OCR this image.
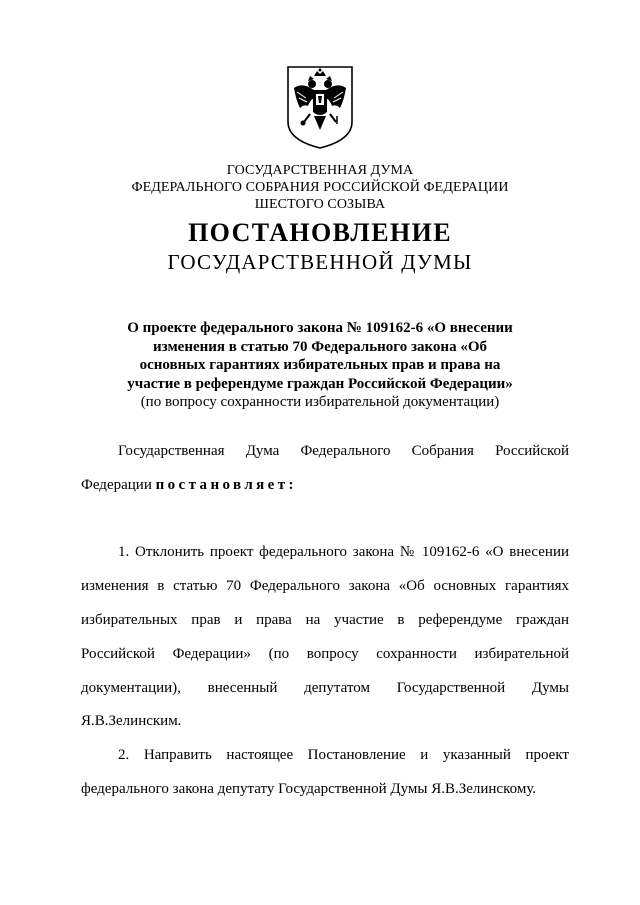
ГОСУДАРСТВЕННАЯ ДУМА
ФЕДЕРАЛЬНОГО СОБРАНИЯ РОССИЙСКОЙ ФЕДЕРАЦИИ
ШЕСТОГО СОЗЫВА
ПОСТАНОВЛЕНИЕ
ГОСУДАРСТВЕННОЙ ДУМЫ
О проекте федерального закона № 109162-6 «О внесении
изменения в статью 70 Федерального закона «Об
основных гарантиях избирательных прав и права на
участие в референдуме граждан Российской Федерации»
(по вопросу сохранности избирательной документации)
Государственная Дума Федерального Собрания Российской
Федерации постановляет:
1. Отклонить проект федерального закона № 109162-6 «О внесении
изменения в статью 70 Федерального закона «Об основных гарантиях
избирательных прав и права на участие в референдуме граждан
Российской Федерации» (по вопросу сохранности избирательной
документации), внесенный депутатом Государственной Думы
Я.В.Зелинским.
2. Направить настоящее Постановление и указанный проект
федерального закона депутату Государственной Думы Я.В.Зелинскому.
